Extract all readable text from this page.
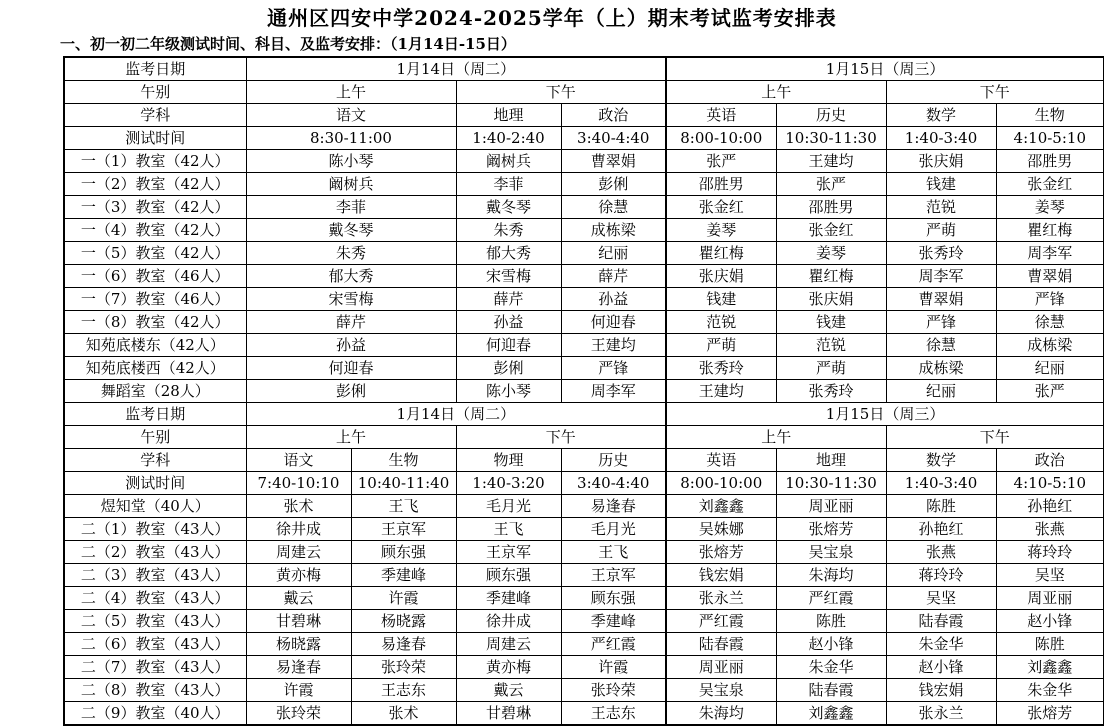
通州区四安中学2024-2025学年（上）期末考试监考安排表
一、初一初二年级测试时间、科目、及监考安排：（1月14日-15日）
监考日期	1月14日（周二）				1月15日（周三）			
午别	上午		下午		上午		下午	
学科	语文		地理	政治	英语	历史	数学	生物
测试时间	8:30-11:00		1:40-2:40	3:40-4:40	8:00-10:00	10:30-11:30	1:40-3:40	4:10-5:10
一（1）教室（42人）	陈小琴		阚树兵	曹翠娟	张严	王建均	张庆娟	邵胜男
一（2）教室（42人）	阚树兵		李菲	彭俐	邵胜男	张严	钱建	张金红
一（3）教室（42人）	李菲		戴冬琴	徐慧	张金红	邵胜男	范锐	姜琴
一（4）教室（42人）	戴冬琴		朱秀	成栋梁	姜琴	张金红	严萌	瞿红梅
一（5）教室（42人）	朱秀		郁大秀	纪丽	瞿红梅	姜琴	张秀玲	周李军
一（6）教室（46人）	郁大秀		宋雪梅	薛芹	张庆娟	瞿红梅	周李军	曹翠娟
一（7）教室（46人）	宋雪梅		薛芹	孙益	钱建	张庆娟	曹翠娟	严锋
一（8）教室（42人）	薛芹		孙益	何迎春	范锐	钱建	严锋	徐慧
知苑底楼东（42人）	孙益		何迎春	王建均	严萌	范锐	徐慧	成栋梁
知苑底楼西（42人）	何迎春		彭俐	严锋	张秀玲	严萌	成栋梁	纪丽
舞蹈室（28人）	彭俐		陈小琴	周李军	王建均	张秀玲	纪丽	张严
监考日期	1月14日（周二）				1月15日（周三）			
午别	上午		下午		上午		下午	
学科	语文	生物	物理	历史	英语	地理	数学	政治
测试时间	7:40-10:10	10:40-11:40	1:40-3:20	3:40-4:40	8:00-10:00	10:30-11:30	1:40-3:40	4:10-5:10
煜知堂（40人）	张术	王飞	毛月光	易逢春	刘鑫鑫	周亚丽	陈胜	孙艳红
二（1）教室（43人）	徐井成	王京军	王飞	毛月光	吴姝娜	张熔芳	孙艳红	张燕
二（2）教室（43人）	周建云	顾东强	王京军	王飞	张熔芳	吴宝泉	张燕	蒋玲玲
二（3）教室（43人）	黄亦梅	季建峰	顾东强	王京军	钱宏娟	朱海均	蒋玲玲	吴坚
二（4）教室（43人）	戴云	许霞	季建峰	顾东强	张永兰	严红霞	吴坚	周亚丽
二（5）教室（43人）	甘碧琳	杨晓露	徐井成	季建峰	严红霞	陈胜	陆春霞	赵小锋
二（6）教室（43人）	杨晓露	易逢春	周建云	严红霞	陆春霞	赵小锋	朱金华	陈胜
二（7）教室（43人）	易逢春	张玲荣	黄亦梅	许霞	周亚丽	朱金华	赵小锋	刘鑫鑫
二（8）教室（43人）	许霞	王志东	戴云	张玲荣	吴宝泉	陆春霞	钱宏娟	朱金华
二（9）教室（40人）	张玲荣	张术	甘碧琳	王志东	朱海均	刘鑫鑫	张永兰	张熔芳
